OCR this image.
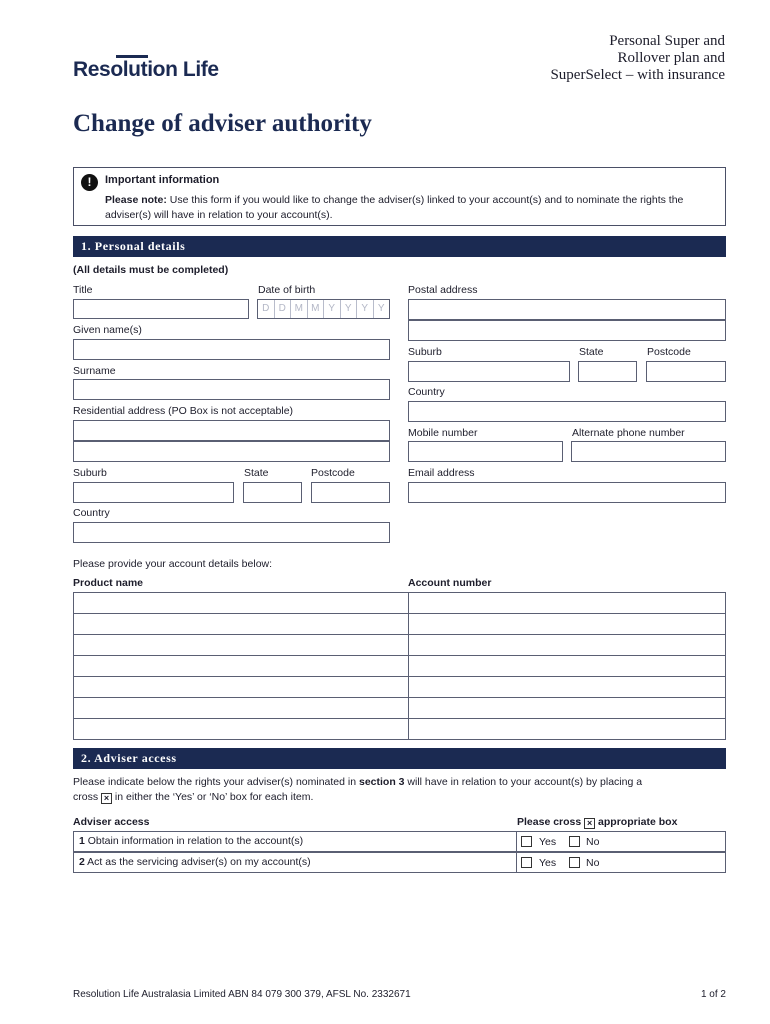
Resolution Life
Personal Super and
Rollover plan and
SuperSelect – with insurance
Change of adviser authority
!	Important information
Please note: Use this form if you would like to change the adviser(s) linked to your account(s) and to nominate the rights the adviser(s) will have in relation to your account(s).
1. Personal details
(All details must be completed)
Title	Date of birth
D D M M Y Y Y Y
Given name(s)
Surname
Residential address (PO Box is not acceptable)
Suburb	State	Postcode
Country
Postal address
Suburb	State	Postcode
Country
Mobile number	Alternate phone number
Email address
Please provide your account details below:
Product name	Account number

2. Adviser access
Please indicate below the rights your adviser(s) nominated in section 3 will have in relation to your account(s) by placing a
cross × in either the ‘Yes’ or ‘No’ box for each item.
Adviser access	Please cross × appropriate box
1 Obtain information in relation to the account(s)	Yes	No
2 Act as the servicing adviser(s) on my account(s)	Yes	No
Resolution Life Australasia Limited ABN 84 079 300 379, AFSL No. 2332671	1 of 2
